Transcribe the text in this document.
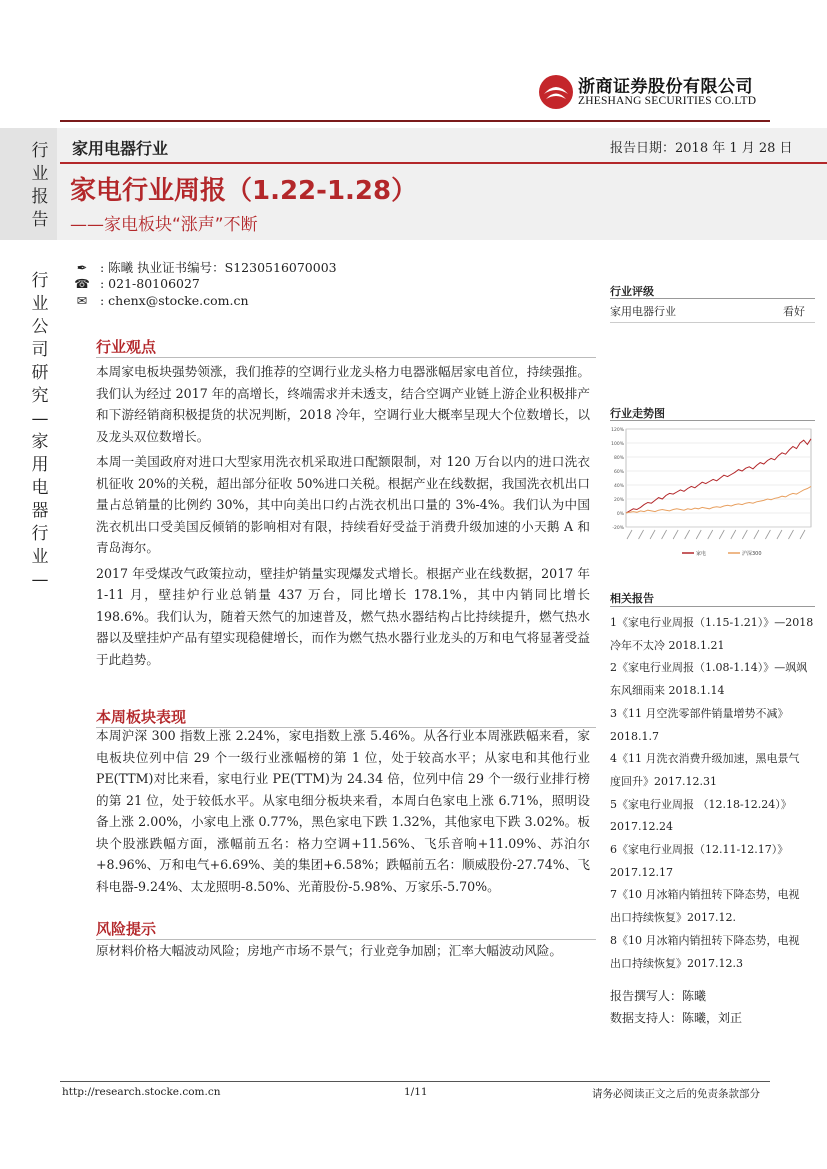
浙商证券股份有限公司
ZHESHANG SECURITIES CO.LTD
行业报告
家用电器行业	报告日期：2018 年 1 月 28 日
家电行业周报（1.22-1.28）
——家电板块“涨声”不断
行业公司研究—家用电器行业—
✒ : 陈曦 执业证书编号：S1230516070003
☎ : 021-80106027
✉ : chenx@stocke.com.cn
行业观点

本周家电板块强势领涨，我们推荐的空调行业龙头格力电器涨幅居家电首位，持续强推。我们认为经过 2017 年的高增长，终端需求并未透支，结合空调产业链上游企业积极排产和下游经销商积极提货的状况判断，2018 冷年，空调行业大概率呈现大个位数增长，以及龙头双位数增长。

本周一美国政府对进口大型家用洗衣机采取进口配额限制，对 120 万台以内的进口洗衣机征收 20%的关税，超出部分征收 50%进口关税。根据产业在线数据，我国洗衣机出口量占总销量的比例约 30%，其中向美出口约占洗衣机出口量的 3%-4%。我们认为中国洗衣机出口受美国反倾销的影响相对有限，持续看好受益于消费升级加速的小天鹅 A 和青岛海尔。

2017 年受煤改气政策拉动，壁挂炉销量实现爆发式增长。根据产业在线数据，2017 年 1-11 月，壁挂炉行业总销量 437 万台，同比增长 178.1%，其中内销同比增长 198.6%。我们认为，随着天然气的加速普及，燃气热水器结构占比持续提升，燃气热水器以及壁挂炉产品有望实现稳健增长，而作为燃气热水器行业龙头的万和电气将显著受益于此趋势。

本周板块表现
本周沪深 300 指数上涨 2.24%，家电指数上涨 5.46%。从各行业本周涨跌幅来看，家电板块位列中信 29 个一级行业涨幅榜的第 1 位，处于较高水平；从家电和其他行业 PE(TTM)对比来看，家电行业 PE(TTM)为 24.34 倍，位列中信 29 个一级行业排行榜的第 21 位，处于较低水平。从家电细分板块来看，本周白色家电上涨 6.71%，照明设备上涨 2.00%，小家电上涨 0.77%，黑色家电下跌 1.32%，其他家电下跌 3.02%。板块个股涨跌幅方面，涨幅前五名：格力空调+11.56%、飞乐音响+11.09%、苏泊尔+8.96%、万和电气+6.69%、美的集团+6.58%；跌幅前五名：顺威股份-27.74%、飞科电器-9.24%、太龙照明-8.50%、光莆股份-5.98%、万家乐-5.70%。
风险提示
原材料价格大幅波动风险；房地产市场不景气；行业竞争加剧；汇率大幅波动风险。
行业评级
家用电器行业	看好
行业走势图
120%
100%
80%
60%
40%
20%
0%
-20%
家电	沪深300
相关报告
1《家电行业周报（1.15-1.21）》—2018
冷年不太冷 2018.1.21
2《家电行业周报（1.08-1.14）》—飒飒
东风细雨来 2018.1.14
3《11 月空洗零部件销量增势不减》
2018.1.7
4《11 月洗衣消费升级加速，黑电景气
度回升》2017.12.31
5《家电行业周报 （12.18-12.24）》
2017.12.24
6《家电行业周报（12.11-12.17）》
2017.12.17
7《10 月冰箱内销扭转下降态势，电视
出口持续恢复》2017.12.
8《10 月冰箱内销扭转下降态势，电视
出口持续恢复》2017.12.3
报告撰写人：陈曦
数据支持人：陈曦，刘正
http://research.stocke.com.cn	1/11	请务必阅读正文之后的免责条款部分
